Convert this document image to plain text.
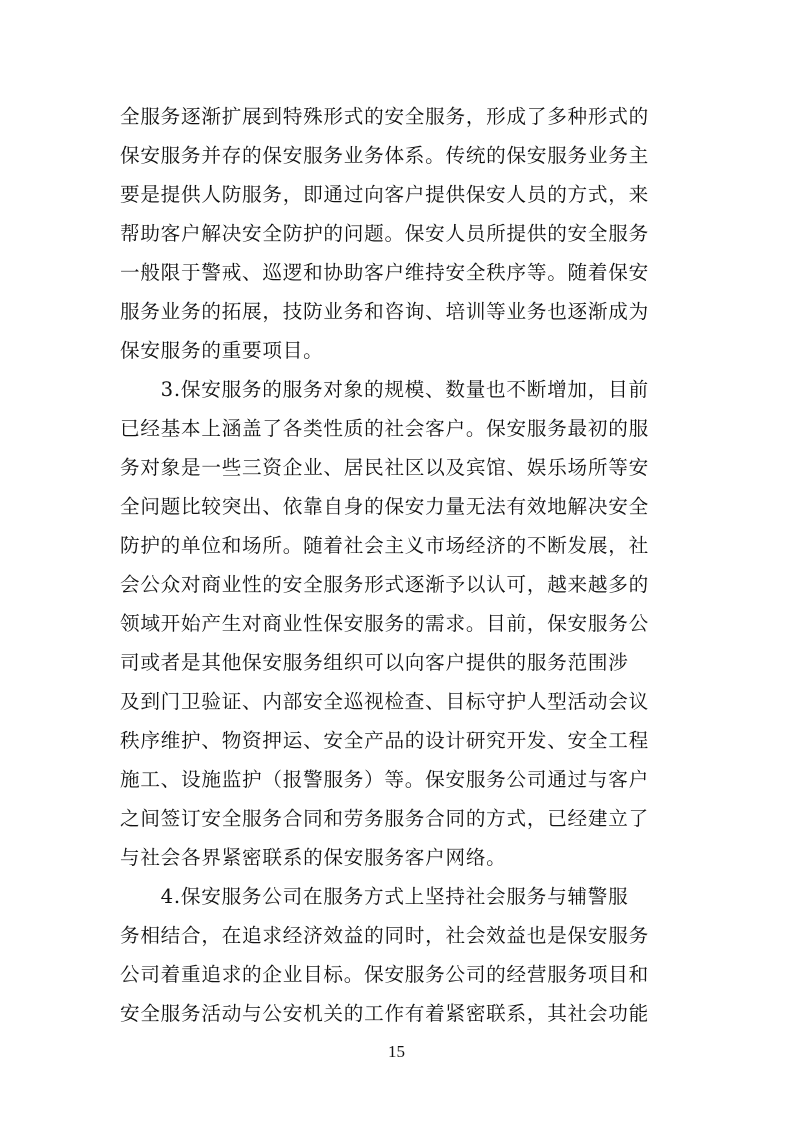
全服务逐渐扩展到特殊形式的安全服务，形成了多种形式的
保安服务并存的保安服务业务体系。传统的保安服务业务主
要是提供人防服务，即通过向客户提供保安人员的方式，来
帮助客户解决安全防护的问题。保安人员所提供的安全服务
一般限于警戒、巡逻和协助客户维持安全秩序等。随着保安
服务业务的拓展，技防业务和咨询、培训等业务也逐渐成为
保安服务的重要项目。
　　3.保安服务的服务对象的规模、数量也不断增加，目前
已经基本上涵盖了各类性质的社会客户。保安服务最初的服
务对象是一些三资企业、居民社区以及宾馆、娱乐场所等安
全问题比较突出、依靠自身的保安力量无法有效地解决安全
防护的单位和场所。随着社会主义市场经济的不断发展，社
会公众对商业性的安全服务形式逐渐予以认可，越来越多的
领域开始产生对商业性保安服务的需求。目前，保安服务公
司或者是其他保安服务组织可以向客户提供的服务范围涉
及到门卫验证、内部安全巡视检查、目标守护人型活动会议
秩序维护、物资押运、安全产品的设计研究开发、安全工程
施工、设施监护（报警服务）等。保安服务公司通过与客户
之间签订安全服务合同和劳务服务合同的方式，已经建立了
与社会各界紧密联系的保安服务客户网络。
　　4.保安服务公司在服务方式上坚持社会服务与辅警服
务相结合，在追求经济效益的同时，社会效益也是保安服务
公司着重追求的企业目标。保安服务公司的经营服务项目和
安全服务活动与公安机关的工作有着紧密联系，其社会功能
15
